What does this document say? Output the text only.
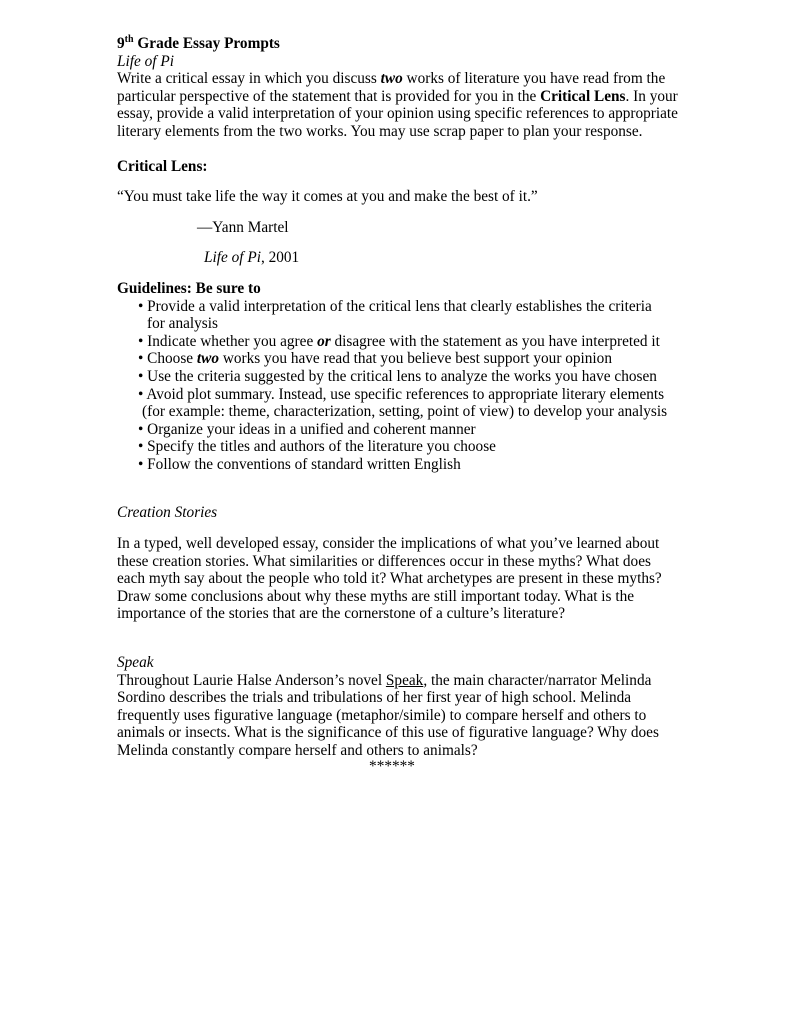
9th Grade Essay Prompts

Life of Pi

Write a critical essay in which you discuss two works of literature you have read from the particular perspective of the statement that is provided for you in the Critical Lens. In your essay, provide a valid interpretation of your opinion using specific references to appropriate literary elements from the two works. You may use scrap paper to plan your response.

Critical Lens:

“You must take life the way it comes at you and make the best of it.”

—Yann Martel

Life of Pi, 2001

Guidelines: Be sure to

• Provide a valid interpretation of the critical lens that clearly establishes the criteria
for analysis
• Indicate whether you agree or disagree with the statement as you have interpreted it
• Choose two works you have read that you believe best support your opinion
• Use the criteria suggested by the critical lens to analyze the works you have chosen
• Avoid plot summary. Instead, use specific references to appropriate literary elements
(for example: theme, characterization, setting, point of view) to develop your analysis
• Organize your ideas in a unified and coherent manner
• Specify the titles and authors of the literature you choose
• Follow the conventions of standard written English

Creation Stories

In a typed, well developed essay, consider the implications of what you’ve learned about these creation stories. What similarities or differences occur in these myths? What does each myth say about the people who told it? What archetypes are present in these myths? Draw some conclusions about why these myths are still important today. What is the importance of the stories that are the cornerstone of a culture’s literature?

Speak

Throughout Laurie Halse Anderson’s novel Speak, the main character/narrator Melinda Sordino describes the trials and tribulations of her first year of high school. Melinda frequently uses figurative language (metaphor/simile) to compare herself and others to animals or insects. What is the significance of this use of figurative language? Why does Melinda constantly compare herself and others to animals?

******
